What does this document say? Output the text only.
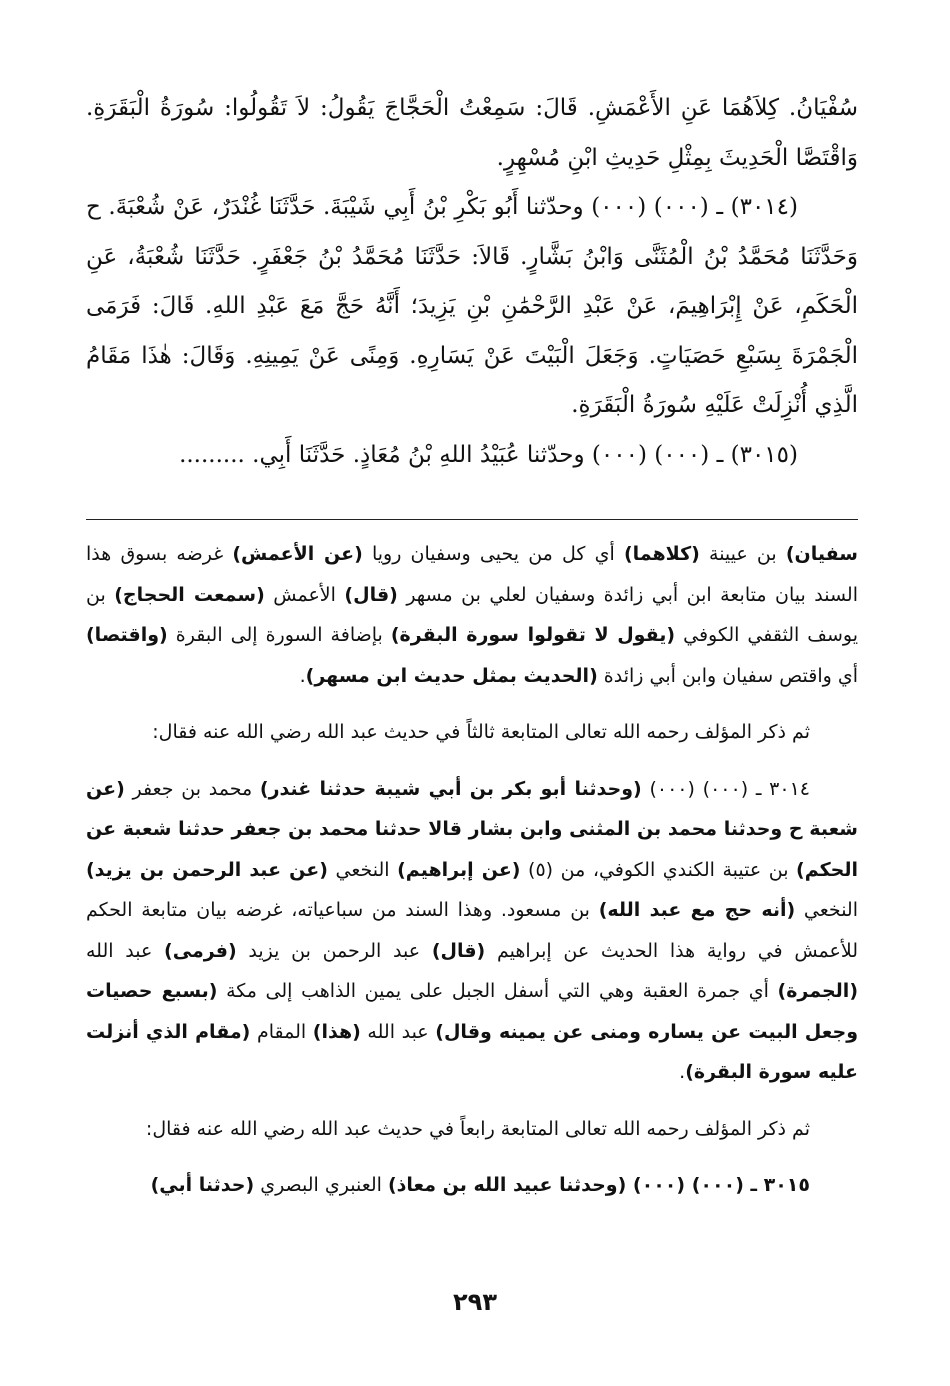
سُفْيَانُ. كِلاَهُمَا عَنِ الأَعْمَشِ. قَالَ: سَمِعْتُ الْحَجَّاجَ يَقُولُ: لاَ تَقُولُوا: سُورَةُ الْبَقَرَةِ. وَاقْتَصَّا الْحَدِيثَ بِمِثْلِ حَدِيثِ ابْنِ مُسْهِرٍ.

(٣٠١٤) ـ (٠٠٠) (٠٠٠) وحدّثنا أَبُو بَكْرِ بْنُ أَبِي شَيْبَةَ. حَدَّثَنَا غُنْدَرٌ، عَنْ شُعْبَةَ. ح وَحَدَّثَنَا مُحَمَّدُ بْنُ الْمُثَنَّى وَابْنُ بَشَّارٍ. قَالاَ: حَدَّثَنَا مُحَمَّدُ بْنُ جَعْفَرٍ. حَدَّثَنَا شُعْبَةُ، عَنِ الْحَكَمِ، عَنْ إِبْرَاهِيمَ، عَنْ عَبْدِ الرَّحْمَٰنِ بْنِ يَزِيدَ؛ أَنَّهُ حَجَّ مَعَ عَبْدِ اللهِ. قَالَ: فَرَمَى الْجَمْرَةَ بِسَبْعِ حَصَيَاتٍ. وَجَعَلَ الْبَيْتَ عَنْ يَسَارِهِ. وَمِنًى عَنْ يَمِينِهِ. وَقَالَ: هٰذَا مَقَامُ الَّذِي أُنْزِلَتْ عَلَيْهِ سُورَةُ الْبَقَرَةِ.

(٣٠١٥) ـ (٠٠٠) (٠٠٠) وحدّثنا عُبَيْدُ اللهِ بْنُ مُعَاذٍ. حَدَّثَنَا أَبِي. .........

سفيان) بن عيينة (كلاهما) أي كل من يحيى وسفيان رويا (عن الأعمش) غرضه بسوق هذا السند بيان متابعة ابن أبي زائدة وسفيان لعلي بن مسهر (قال) الأعمش (سمعت الحجاج) بن يوسف الثقفي الكوفي (يقول لا تقولوا سورة البقرة) بإضافة السورة إلى البقرة (واقتصا) أي واقتص سفيان وابن أبي زائدة (الحديث بمثل حديث ابن مسهر).

ثم ذكر المؤلف رحمه الله تعالى المتابعة ثالثاً في حديث عبد الله رضي الله عنه فقال:

٣٠١٤ ـ (٠٠٠) (٠٠٠) (وحدثنا أبو بكر بن أبي شيبة حدثنا غندر) محمد بن جعفر (عن شعبة ح وحدثنا محمد بن المثنى وابن بشار قالا حدثنا محمد بن جعفر حدثنا شعبة عن الحكم) بن عتيبة الكندي الكوفي، من (٥) (عن إبراهيم) النخعي (عن عبد الرحمن بن يزيد) النخعي (أنه حج مع عبد الله) بن مسعود. وهذا السند من سباعياته، غرضه بيان متابعة الحكم للأعمش في رواية هذا الحديث عن إبراهيم (قال) عبد الرحمن بن يزيد (فرمى) عبد الله (الجمرة) أي جمرة العقبة وهي التي أسفل الجبل على يمين الذاهب إلى مكة (بسبع حصيات وجعل البيت عن يساره ومنى عن يمينه وقال) عبد الله (هذا) المقام (مقام الذي أنزلت عليه سورة البقرة).

ثم ذكر المؤلف رحمه الله تعالى المتابعة رابعاً في حديث عبد الله رضي الله عنه فقال:

٣٠١٥ ـ (٠٠٠) (٠٠٠) (وحدثنا عبيد الله بن معاذ) العنبري البصري (حدثنا أبي)

٢٩٣
